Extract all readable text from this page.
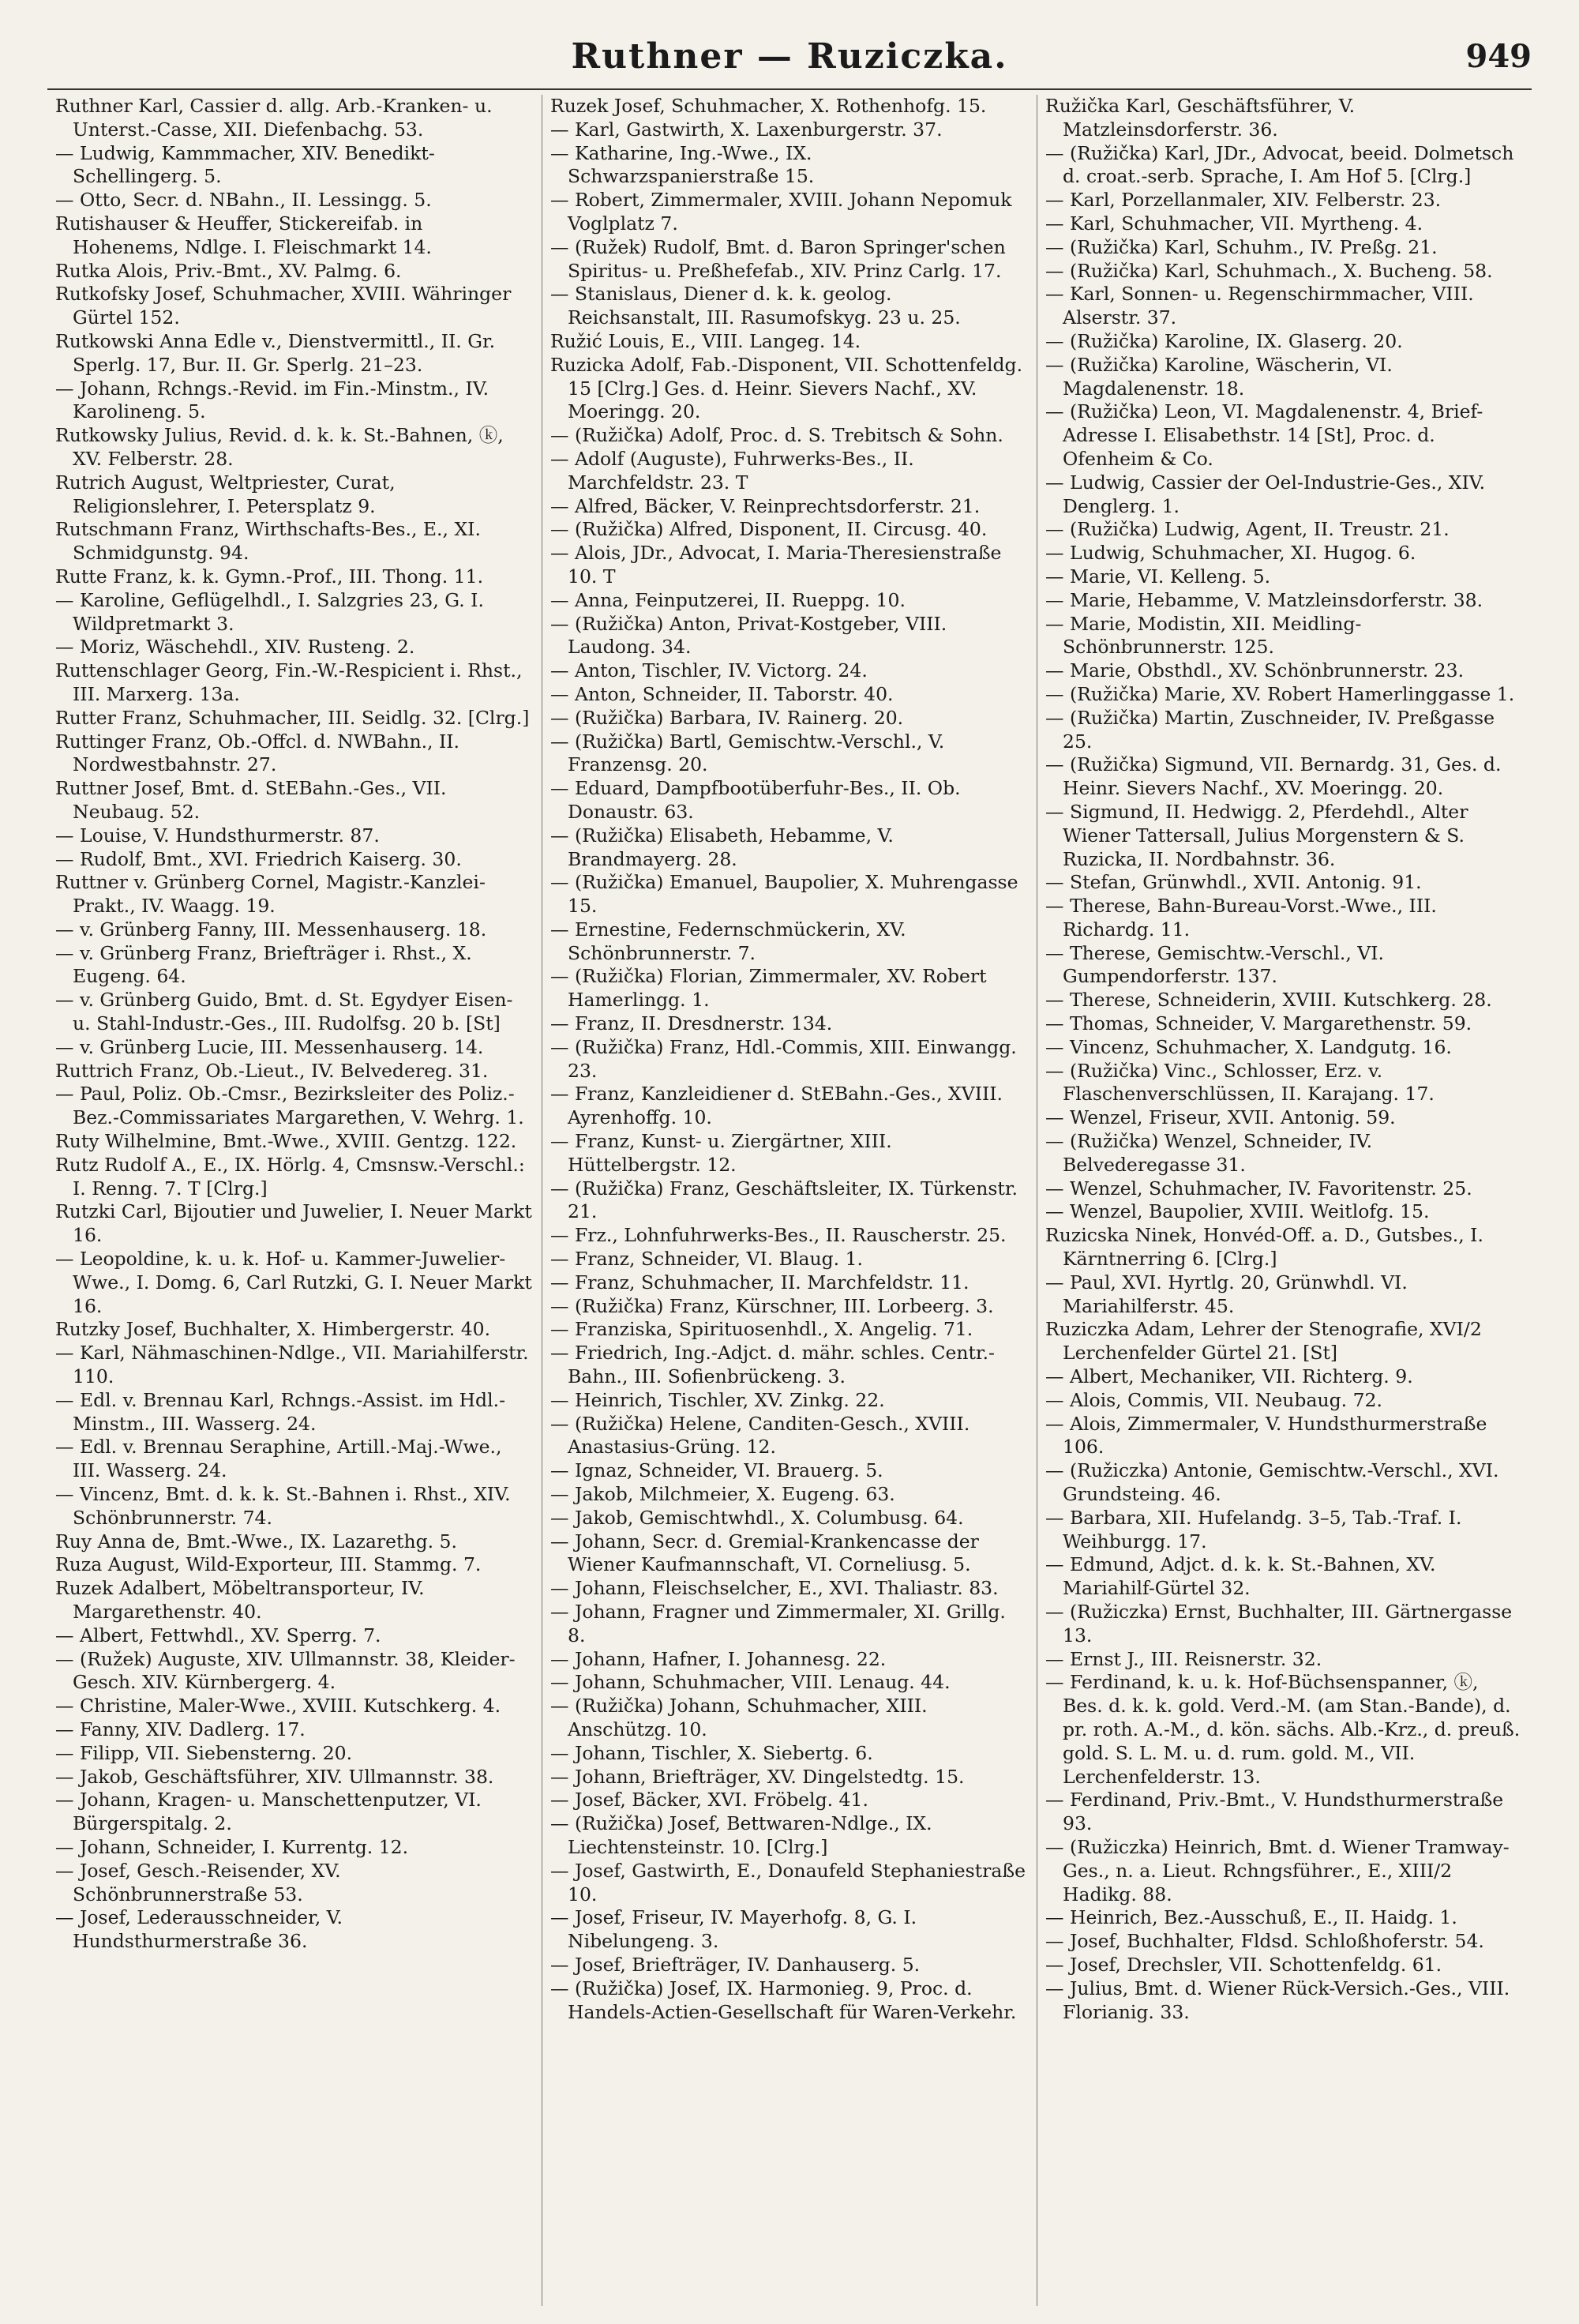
Ruthner — Ruziczka.	949
Ruthner Karl, Cassier d. allg. Arb.-Kranken- u. Unterst.-Casse, XII. Diefenbachg. 53.
— Ludwig, Kammmacher, XIV. Benedikt-Schellingerg. 5.
— Otto, Secr. d. NBahn., II. Lessingg. 5.
Rutishauser & Heuffer, Stickereifab. in Hohenems, Ndlge. I. Fleischmarkt 14.
Rutka Alois, Priv.-Bmt., XV. Palmg. 6.
Rutkofsky Josef, Schuhmacher, XVIII. Währinger Gürtel 152.
Rutkowski Anna Edle v., Dienstvermittl., II. Gr. Sperlg. 17, Bur. II. Gr. Sperlg. 21–23.
— Johann, Rchngs.-Revid. im Fin.-Minstm., IV. Karolineng. 5.
Rutkowsky Julius, Revid. d. k. k. St.-Bahnen, ⓚ, XV. Felberstr. 28.
Rutrich August, Weltpriester, Curat, Religionslehrer, I. Petersplatz 9.
Rutschmann Franz, Wirthschafts-Bes., E., XI. Schmidgunstg. 94.
Rutte Franz, k. k. Gymn.-Prof., III. Thong. 11.
— Karoline, Geflügelhdl., I. Salzgries 23, G. I. Wildpretmarkt 3.
— Moriz, Wäschehdl., XIV. Rusteng. 2.
Ruttenschlager Georg, Fin.-W.-Respicient i. Rhst., III. Marxerg. 13a.
Rutter Franz, Schuhmacher, III. Seidlg. 32. [Clrg.]
Ruttinger Franz, Ob.-Offcl. d. NWBahn., II. Nordwestbahnstr. 27.
Ruttner Josef, Bmt. d. StEBahn.-Ges., VII. Neubaug. 52.
— Louise, V. Hundsthurmerstr. 87.
— Rudolf, Bmt., XVI. Friedrich Kaiserg. 30.
Ruttner v. Grünberg Cornel, Magistr.-Kanzlei-Prakt., IV. Waagg. 19.
— v. Grünberg Fanny, III. Messenhauserg. 18.
— v. Grünberg Franz, Briefträger i. Rhst., X. Eugeng. 64.
— v. Grünberg Guido, Bmt. d. St. Egydyer Eisen- u. Stahl-Industr.-Ges., III. Rudolfsg. 20 b. [St]
— v. Grünberg Lucie, III. Messenhauserg. 14.
Ruttrich Franz, Ob.-Lieut., IV. Belvedereg. 31.
— Paul, Poliz. Ob.-Cmsr., Bezirksleiter des Poliz.-Bez.-Commissariates Margarethen, V. Wehrg. 1.
Ruty Wilhelmine, Bmt.-Wwe., XVIII. Gentzg. 122.
Rutz Rudolf A., E., IX. Hörlg. 4, Cmsnsw.-Verschl.: I. Renng. 7. T [Clrg.]
Rutzki Carl, Bijoutier und Juwelier, I. Neuer Markt 16.
— Leopoldine, k. u. k. Hof- u. Kammer-Juwelier-Wwe., I. Domg. 6, Carl Rutzki, G. I. Neuer Markt 16.
Rutzky Josef, Buchhalter, X. Himbergerstr. 40.
— Karl, Nähmaschinen-Ndlge., VII. Mariahilferstr. 110.
— Edl. v. Brennau Karl, Rchngs.-Assist. im Hdl.-Minstm., III. Wasserg. 24.
— Edl. v. Brennau Seraphine, Artill.-Maj.-Wwe., III. Wasserg. 24.
— Vincenz, Bmt. d. k. k. St.-Bahnen i. Rhst., XIV. Schönbrunnerstr. 74.
Ruy Anna de, Bmt.-Wwe., IX. Lazarethg. 5.
Ruza August, Wild-Exporteur, III. Stammg. 7.
Ruzek Adalbert, Möbeltransporteur, IV. Margarethenstr. 40.
— Albert, Fettwhdl., XV. Sperrg. 7.
— (Ružek) Auguste, XIV. Ullmannstr. 38, Kleider-Gesch. XIV. Kürnbergerg. 4.
— Christine, Maler-Wwe., XVIII. Kutschkerg. 4.
— Fanny, XIV. Dadlerg. 17.
— Filipp, VII. Siebensterng. 20.
— Jakob, Geschäftsführer, XIV. Ullmannstr. 38.
— Johann, Kragen- u. Manschettenputzer, VI. Bürgerspitalg. 2.
— Johann, Schneider, I. Kurrentg. 12.
— Josef, Gesch.-Reisender, XV. Schönbrunnerstraße 53.
— Josef, Lederausschneider, V. Hundsthurmerstraße 36.
Ruzek Josef, Schuhmacher, X. Rothenhofg. 15.
— Karl, Gastwirth, X. Laxenburgerstr. 37.
— Katharine, Ing.-Wwe., IX. Schwarzspanierstraße 15.
— Robert, Zimmermaler, XVIII. Johann Nepomuk Voglplatz 7.
— (Ružek) Rudolf, Bmt. d. Baron Springer'schen Spiritus- u. Preßhefefab., XIV. Prinz Carlg. 17.
— Stanislaus, Diener d. k. k. geolog. Reichsanstalt, III. Rasumofskyg. 23 u. 25.
Ružić Louis, E., VIII. Langeg. 14.
Ruzicka Adolf, Fab.-Disponent, VII. Schottenfeldg. 15 [Clrg.] Ges. d. Heinr. Sievers Nachf., XV. Moeringg. 20.
— (Ružička) Adolf, Proc. d. S. Trebitsch & Sohn.
— Adolf (Auguste), Fuhrwerks-Bes., II. Marchfeldstr. 23. T
— Alfred, Bäcker, V. Reinprechtsdorferstr. 21.
— (Ružička) Alfred, Disponent, II. Circusg. 40.
— Alois, JDr., Advocat, I. Maria-Theresienstraße 10. T
— Anna, Feinputzerei, II. Rueppg. 10.
— (Ružička) Anton, Privat-Kostgeber, VIII. Laudong. 34.
— Anton, Tischler, IV. Victorg. 24.
— Anton, Schneider, II. Taborstr. 40.
— (Ružička) Barbara, IV. Rainerg. 20.
— (Ružička) Bartl, Gemischtw.-Verschl., V. Franzensg. 20.
— Eduard, Dampfbootüberfuhr-Bes., II. Ob. Donaustr. 63.
— (Ružička) Elisabeth, Hebamme, V. Brandmayerg. 28.
— (Ružička) Emanuel, Baupolier, X. Muhrengasse 15.
— Ernestine, Federnschmückerin, XV. Schönbrunnerstr. 7.
— (Ružička) Florian, Zimmermaler, XV. Robert Hamerlingg. 1.
— Franz, II. Dresdnerstr. 134.
— (Ružička) Franz, Hdl.-Commis, XIII. Einwangg. 23.
— Franz, Kanzleidiener d. StEBahn.-Ges., XVIII. Ayrenhoffg. 10.
— Franz, Kunst- u. Ziergärtner, XIII. Hüttelbergstr. 12.
— (Ružička) Franz, Geschäftsleiter, IX. Türkenstr. 21.
— Frz., Lohnfuhrwerks-Bes., II. Rauscherstr. 25.
— Franz, Schneider, VI. Blaug. 1.
— Franz, Schuhmacher, II. Marchfeldstr. 11.
— (Ružička) Franz, Kürschner, III. Lorbeerg. 3.
— Franziska, Spirituosenhdl., X. Angelig. 71.
— Friedrich, Ing.-Adjct. d. mähr. schles. Centr.-Bahn., III. Sofienbrückeng. 3.
— Heinrich, Tischler, XV. Zinkg. 22.
— (Ružička) Helene, Canditen-Gesch., XVIII. Anastasius-Grüng. 12.
— Ignaz, Schneider, VI. Brauerg. 5.
— Jakob, Milchmeier, X. Eugeng. 63.
— Jakob, Gemischtwhdl., X. Columbusg. 64.
— Johann, Secr. d. Gremial-Krankencasse der Wiener Kaufmannschaft, VI. Corneliusg. 5.
— Johann, Fleischselcher, E., XVI. Thaliastr. 83.
— Johann, Fragner und Zimmermaler, XI. Grillg. 8.
— Johann, Hafner, I. Johannesg. 22.
— Johann, Schuhmacher, VIII. Lenaug. 44.
— (Ružička) Johann, Schuhmacher, XIII. Anschützg. 10.
— Johann, Tischler, X. Siebertg. 6.
— Johann, Briefträger, XV. Dingelstedtg. 15.
— Josef, Bäcker, XVI. Fröbelg. 41.
— (Ružička) Josef, Bettwaren-Ndlge., IX. Liechtensteinstr. 10. [Clrg.]
— Josef, Gastwirth, E., Donaufeld Stephaniestraße 10.
— Josef, Friseur, IV. Mayerhofg. 8, G. I. Nibelungeng. 3.
— Josef, Briefträger, IV. Danhauserg. 5.
— (Ružička) Josef, IX. Harmonieg. 9, Proc. d. Handels-Actien-Gesellschaft für Waren-Verkehr.
Ružička Karl, Geschäftsführer, V. Matzleinsdorferstr. 36.
— (Ružička) Karl, JDr., Advocat, beeid. Dolmetsch d. croat.-serb. Sprache, I. Am Hof 5. [Clrg.]
— Karl, Porzellanmaler, XIV. Felberstr. 23.
— Karl, Schuhmacher, VII. Myrtheng. 4.
— (Ružička) Karl, Schuhm., IV. Preßg. 21.
— (Ružička) Karl, Schuhmach., X. Bucheng. 58.
— Karl, Sonnen- u. Regenschirmmacher, VIII. Alserstr. 37.
— (Ružička) Karoline, IX. Glaserg. 20.
— (Ružička) Karoline, Wäscherin, VI. Magdalenenstr. 18.
— (Ružička) Leon, VI. Magdalenenstr. 4, Brief-Adresse I. Elisabethstr. 14 [St], Proc. d. Ofenheim & Co.
— Ludwig, Cassier der Oel-Industrie-Ges., XIV. Denglerg. 1.
— (Ružička) Ludwig, Agent, II. Treustr. 21.
— Ludwig, Schuhmacher, XI. Hugog. 6.
— Marie, VI. Kelleng. 5.
— Marie, Hebamme, V. Matzleinsdorferstr. 38.
— Marie, Modistin, XII. Meidling-Schönbrunnerstr. 125.
— Marie, Obsthdl., XV. Schönbrunnerstr. 23.
— (Ružička) Marie, XV. Robert Hamerlinggasse 1.
— (Ružička) Martin, Zuschneider, IV. Preßgasse 25.
— (Ružička) Sigmund, VII. Bernardg. 31, Ges. d. Heinr. Sievers Nachf., XV. Moeringg. 20.
— Sigmund, II. Hedwigg. 2, Pferdehdl., Alter Wiener Tattersall, Julius Morgenstern & S. Ruzicka, II. Nordbahnstr. 36.
— Stefan, Grünwhdl., XVII. Antonig. 91.
— Therese, Bahn-Bureau-Vorst.-Wwe., III. Richardg. 11.
— Therese, Gemischtw.-Verschl., VI. Gumpendorferstr. 137.
— Therese, Schneiderin, XVIII. Kutschkerg. 28.
— Thomas, Schneider, V. Margarethenstr. 59.
— Vincenz, Schuhmacher, X. Landgutg. 16.
— (Ružička) Vinc., Schlosser, Erz. v. Flaschenverschlüssen, II. Karajang. 17.
— Wenzel, Friseur, XVII. Antonig. 59.
— (Ružička) Wenzel, Schneider, IV. Belvederegasse 31.
— Wenzel, Schuhmacher, IV. Favoritenstr. 25.
— Wenzel, Baupolier, XVIII. Weitlofg. 15.
Ruzicska Ninek, Honvéd-Off. a. D., Gutsbes., I. Kärntnerring 6. [Clrg.]
— Paul, XVI. Hyrtlg. 20, Grünwhdl. VI. Mariahilferstr. 45.
Ruziczka Adam, Lehrer der Stenografie, XVI/2 Lerchenfelder Gürtel 21. [St]
— Albert, Mechaniker, VII. Richterg. 9.
— Alois, Commis, VII. Neubaug. 72.
— Alois, Zimmermaler, V. Hundsthurmerstraße 106.
— (Ružiczka) Antonie, Gemischtw.-Verschl., XVI. Grundsteing. 46.
— Barbara, XII. Hufelandg. 3–5, Tab.-Traf. I. Weihburgg. 17.
— Edmund, Adjct. d. k. k. St.-Bahnen, XV. Mariahilf-Gürtel 32.
— (Ružiczka) Ernst, Buchhalter, III. Gärtnergasse 13.
— Ernst J., III. Reisnerstr. 32.
— Ferdinand, k. u. k. Hof-Büchsenspanner, ⓚ, Bes. d. k. k. gold. Verd.-M. (am Stan.-Bande), d. pr. roth. A.-M., d. kön. sächs. Alb.-Krz., d. preuß. gold. S. L. M. u. d. rum. gold. M., VII. Lerchenfelderstr. 13.
— Ferdinand, Priv.-Bmt., V. Hundsthurmerstraße 93.
— (Ružiczka) Heinrich, Bmt. d. Wiener Tramway-Ges., n. a. Lieut. Rchngsführer., E., XIII/2 Hadikg. 88.
— Heinrich, Bez.-Ausschuß, E., II. Haidg. 1.
— Josef, Buchhalter, Fldsd. Schloßhoferstr. 54.
— Josef, Drechsler, VII. Schottenfeldg. 61.
— Julius, Bmt. d. Wiener Rück-Versich.-Ges., VIII. Florianig. 33.
